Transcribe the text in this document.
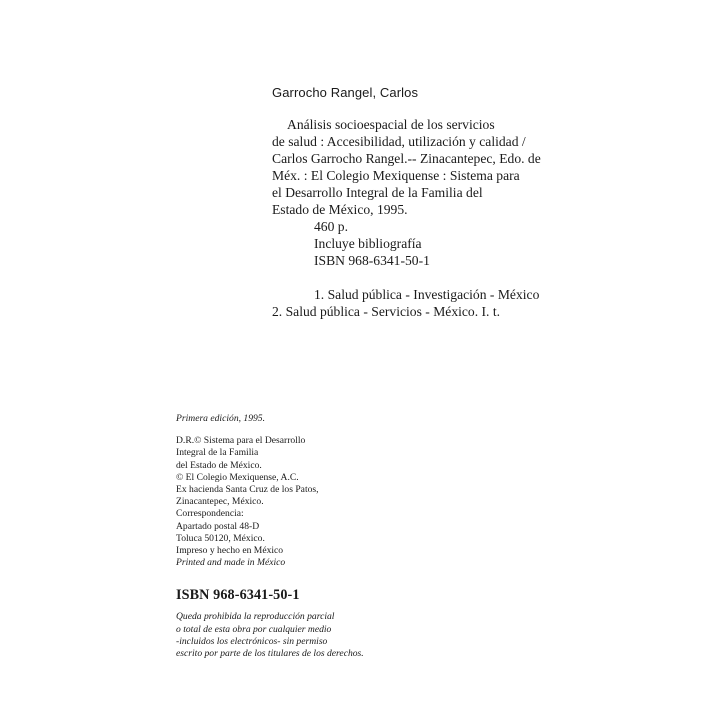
Garrocho Rangel, Carlos
Análisis socioespacial de los servicios
de salud : Accesibilidad, utilización y calidad /
Carlos Garrocho Rangel.-- Zinacantepec, Edo. de
Méx. : El Colegio Mexiquense : Sistema para
el Desarrollo Integral de la Familia del
Estado de México, 1995.
460 p.
Incluye bibliografía
ISBN 968-6341-50-1
1. Salud pública - Investigación - México
2. Salud pública - Servicios - México. I. t.
Primera edición, 1995.
D.R.© Sistema para el Desarrollo
Integral de la Familia
del Estado de México.
© El Colegio Mexiquense, A.C.
Ex hacienda Santa Cruz de los Patos,
Zinacantepec, México.
Correspondencia:
Apartado postal 48-D
Toluca 50120, México.
Impreso y hecho en México
Printed and made in México
ISBN 968-6341-50-1
Queda prohibida la reproducción parcial
o total de esta obra por cualquier medio
-incluidos los electrónicos- sin permiso
escrito por parte de los titulares de los derechos.
